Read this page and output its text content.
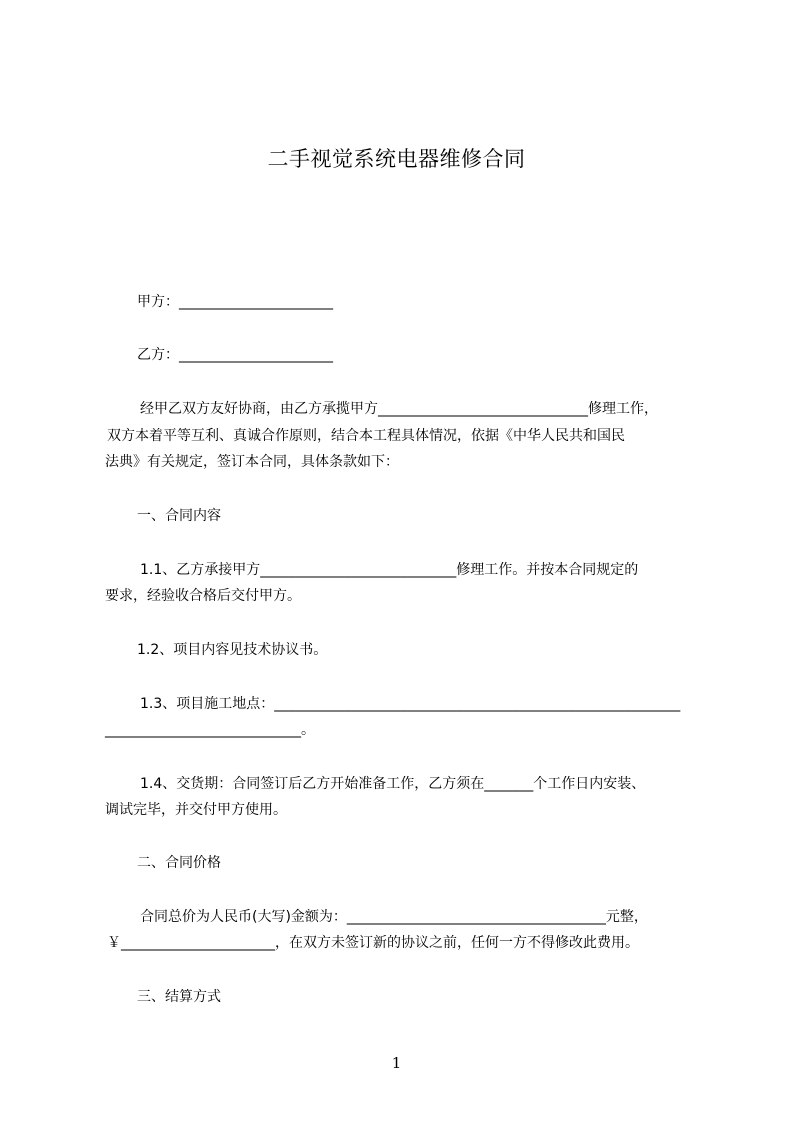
二手视觉系统电器维修合同
甲方：______________________
乙方：______________________
经甲乙双方友好协商，由乙方承揽甲方______________________________修理工作，
双方本着平等互利、真诚合作原则，结合本工程具体情况，依据《中华人民共和国民
法典》有关规定，签订本合同，具体条款如下：
一、合同内容
1.1、乙方承接甲方____________________________修理工作。并按本合同规定的
要求，经验收合格后交付甲方。
1.2、项目内容见技术协议书。
1.3、项目施工地点：__________________________________________________________
____________________________。
1.4、交货期：合同签订后乙方开始准备工作，乙方须在_______个工作日内安装、
调试完毕，并交付甲方使用。
二、合同价格
合同总价为人民币(大写)金额为：_____________________________________元整，
￥______________________，在双方未签订新的协议之前，任何一方不得修改此费用。
三、结算方式
1
